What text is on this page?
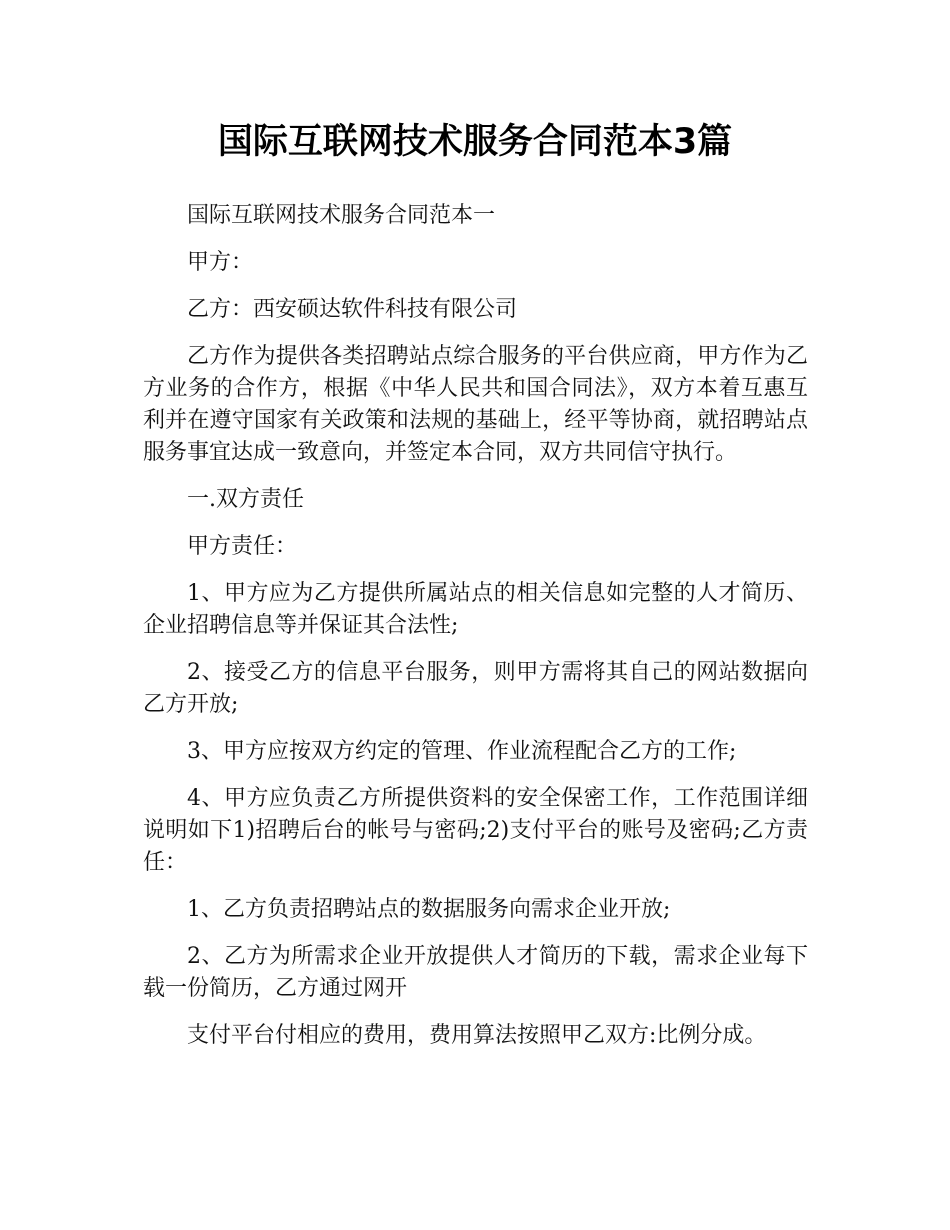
国际互联网技术服务合同范本3篇

国际互联网技术服务合同范本一

甲方：

乙方：西安硕达软件科技有限公司

乙方作为提供各类招聘站点综合服务的平台供应商，甲方作为乙方业务的合作方，根据《中华人民共和国合同法》，双方本着互惠互利并在遵守国家有关政策和法规的基础上，经平等协商，就招聘站点服务事宜达成一致意向，并签定本合同，双方共同信守执行。

一.双方责任

甲方责任：

1、甲方应为乙方提供所属站点的相关信息如完整的人才简历、企业招聘信息等并保证其合法性;

2、接受乙方的信息平台服务，则甲方需将其自己的网站数据向乙方开放;

3、甲方应按双方约定的管理、作业流程配合乙方的工作;

4、甲方应负责乙方所提供资料的安全保密工作，工作范围详细说明如下1)招聘后台的帐号与密码;2)支付平台的账号及密码;乙方责任：

1、乙方负责招聘站点的数据服务向需求企业开放;

2、乙方为所需求企业开放提供人才简历的下载，需求企业每下载一份简历，乙方通过网开

支付平台付相应的费用，费用算法按照甲乙双方:比例分成。
